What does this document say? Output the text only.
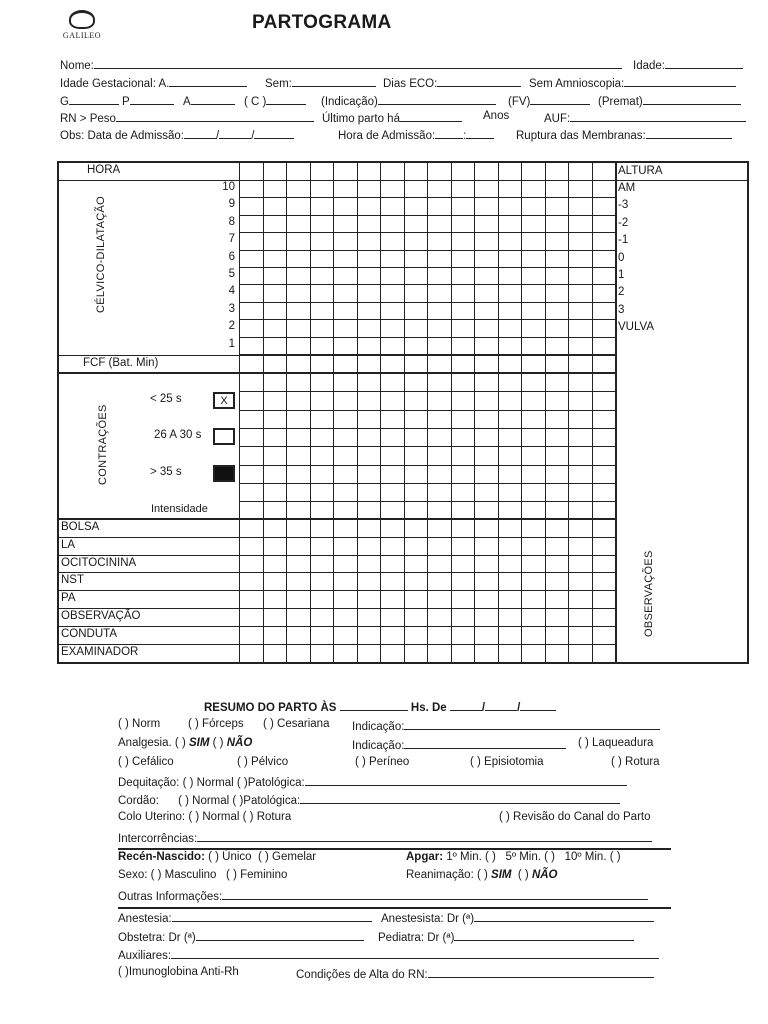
GALILEO
PARTOGRAMA
Nome:	Idade:
Idade Gestacional: A.	Sem:	Dias ECO:	Sem Amnioscopia:
G	P	A	( C )	(Indicação)	(FV)	(Premat)
RN > Peso	Último parto há	Anos	AUF:
Obs: Data de Admissão:	/	/	Hora de Admissão: :	Ruptura das Membranas:
HORA	ALTURA
CÉLVICO-DILATAÇÃO
10
9
8
7
6
5
4
3
2
1
AM
-3
-2
-1
0
1
2
3
VULVA
FCF (Bat. Min)
CONTRAÇÕES
< 25 s	X
26 A 30 s
> 35 s
Intensidade
BOLSA
LA
OCITOCININA
NST
PA
OBSERVAÇÃO
CONDUTA
EXAMINADOR
OBSERVAÇÕES
RESUMO DO PARTO ÀS	Hs. De	/	/
( ) Norm ( ) Fórceps ( ) Cesariana Indicação:
Analgesia. ( ) SIM ( ) NÃO	Indicação:	( ) Laqueadura
( ) Cefálico	( ) Pélvico	( ) Períneo	( ) Episiotomia	( ) Rotura
Dequitação: ( ) Normal ( )Patológica:
Cordão: ( ) Normal ( )Patológica:
Colo Uterino: ( ) Normal ( ) Rotura	( ) Revisão do Canal do Parto
Intercorrências:
Recén-Nascido: ( ) Único ( ) Gemelar	Apgar: 1º Min. ( ) 5º Min. ( ) 10º Min. ( )
Sexo: ( ) Masculino ( ) Feminino	Reanimação: ( ) SIM ( ) NÃO
Outras Informações:
Anestesia:	Anestesista: Dr (ª)
Obstetra: Dr (ª)	Pediatra: Dr (ª)
Auxiliares:
( )Imunoglobina Anti-Rh	Condições de Alta do RN:
